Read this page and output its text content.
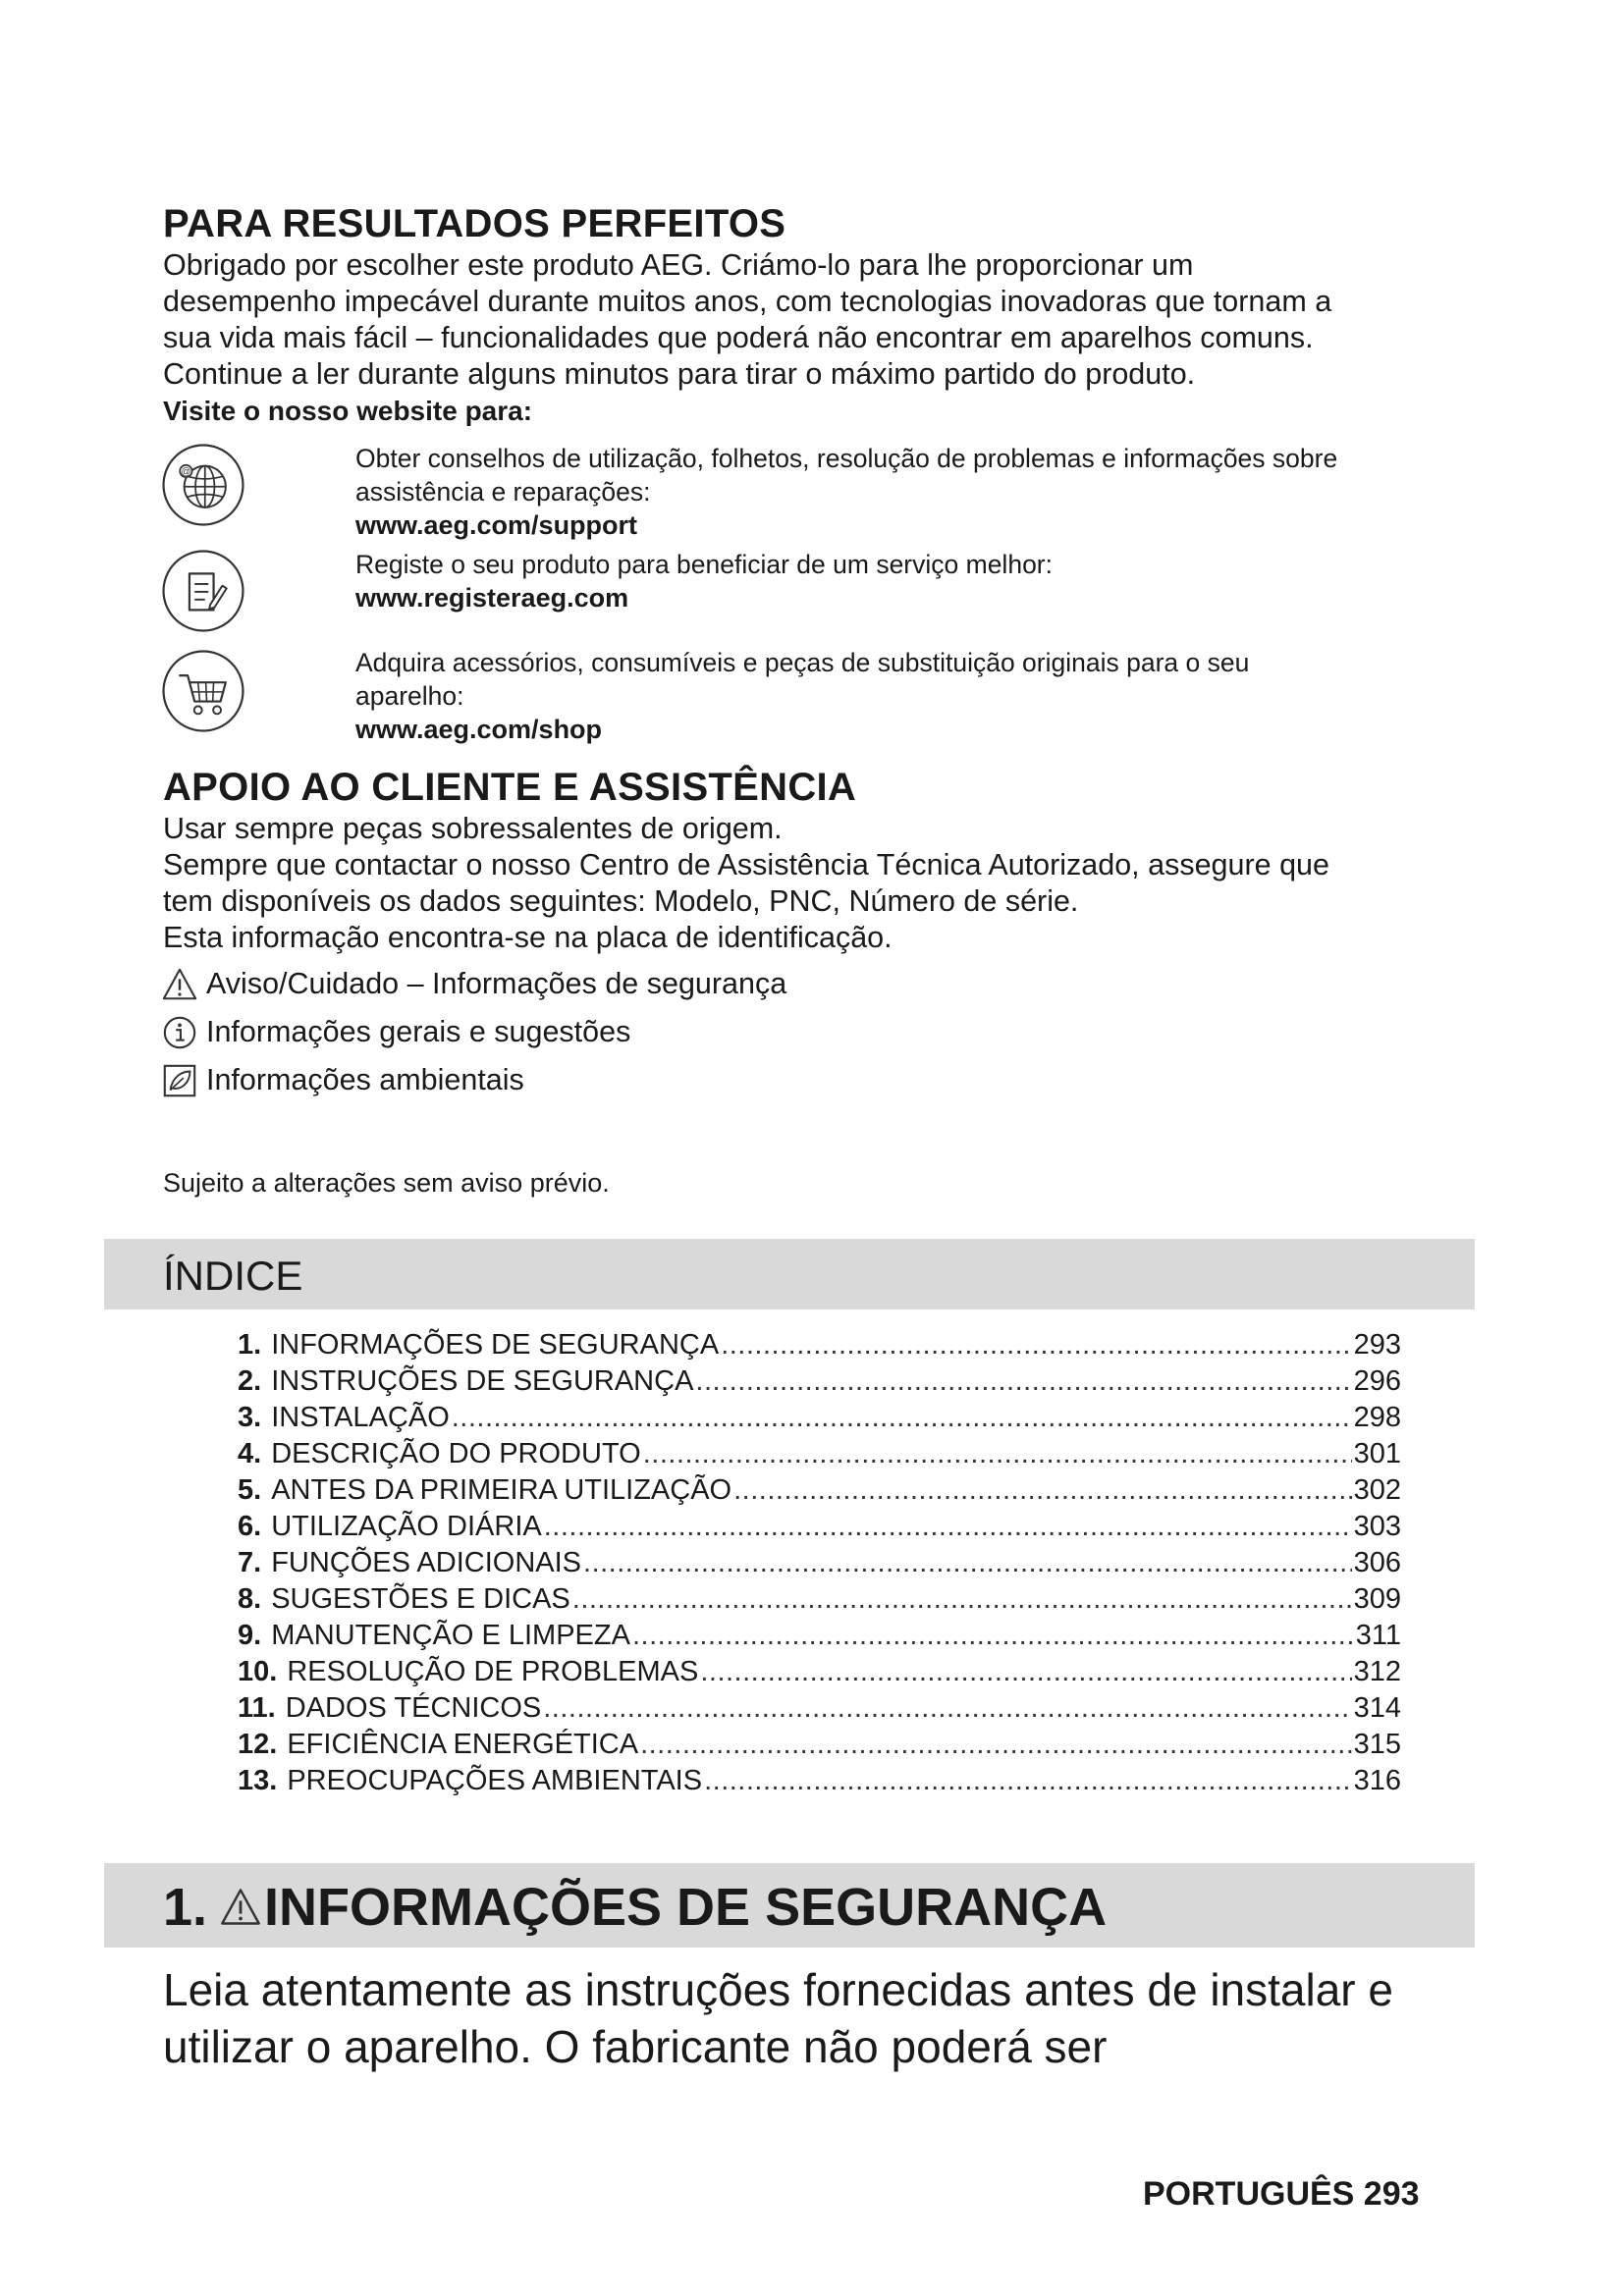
PARA RESULTADOS PERFEITOS
Obrigado por escolher este produto AEG. Criámo-lo para lhe proporcionar um
desempenho impecável durante muitos anos, com tecnologias inovadoras que tornam a
sua vida mais fácil – funcionalidades que poderá não encontrar em aparelhos comuns.
Continue a ler durante alguns minutos para tirar o máximo partido do produto.
Visite o nosso website para:
@	Obter conselhos de utilização, folhetos, resolução de problemas e informações sobre
assistência e reparações:
www.aeg.com/support
Registe o seu produto para beneficiar de um serviço melhor:
www.registeraeg.com
Adquira acessórios, consumíveis e peças de substituição originais para o seu
aparelho:
www.aeg.com/shop
APOIO AO CLIENTE E ASSISTÊNCIA
Usar sempre peças sobressalentes de origem.
Sempre que contactar o nosso Centro de Assistência Técnica Autorizado, assegure que
tem disponíveis os dados seguintes: Modelo, PNC, Número de série.
Esta informação encontra-se na placa de identificação.
Aviso/Cuidado – Informações de segurança
Informações gerais e sugestões
Informações ambientais
Sujeito a alterações sem aviso prévio.
ÍNDICE
1. INFORMAÇÕES DE SEGURANÇA .....	293
2. INSTRUÇÕES DE SEGURANÇA .....	296
3. INSTALAÇÃO .....	298
4. DESCRIÇÃO DO PRODUTO .....	301
5. ANTES DA PRIMEIRA UTILIZAÇÃO .....	302
6. UTILIZAÇÃO DIÁRIA .....	303
7. FUNÇÕES ADICIONAIS .....	306
8. SUGESTÕES E DICAS .....	309
9. MANUTENÇÃO E LIMPEZA .....	311
10. RESOLUÇÃO DE PROBLEMAS .....	312
11. DADOS TÉCNICOS .....	314
12. EFICIÊNCIA ENERGÉTICA .....	315
13. PREOCUPAÇÕES AMBIENTAIS .....	316
1. INFORMAÇÕES DE SEGURANÇA
Leia atentamente as instruções fornecidas antes de instalar e
utilizar o aparelho. O fabricante não poderá ser
PORTUGUÊS 293
